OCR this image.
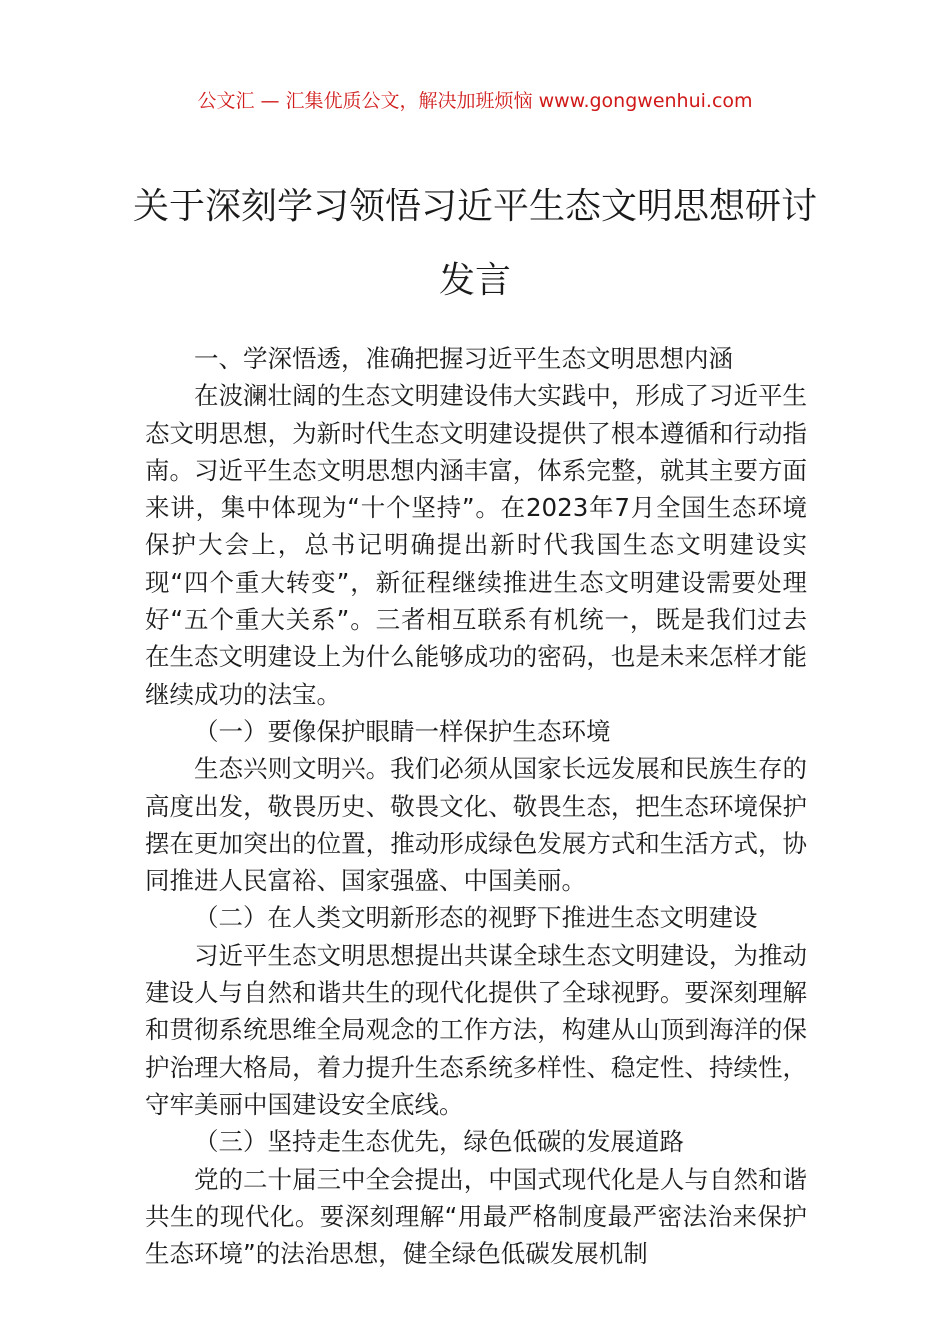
公文汇 — 汇集优质公文，解决加班烦恼 www.gongwenhui.com
关于深刻学习领悟习近平生态文明思想研讨发言

一、学深悟透，准确把握习近平生态文明思想内涵

在波澜壮阔的生态文明建设伟大实践中，形成了习近平生态文明思想，为新时代生态文明建设提供了根本遵循和行动指南。习近平生态文明思想内涵丰富，体系完整，就其主要方面来讲，集中体现为“十个坚持”。在2023年7月全国生态环境保护大会上，总书记明确提出新时代我国生态文明建设实现“四个重大转变”，新征程继续推进生态文明建设需要处理好“五个重大关系”。三者相互联系有机统一，既是我们过去在生态文明建设上为什么能够成功的密码，也是未来怎样才能继续成功的法宝。

（一）要像保护眼睛一样保护生态环境

生态兴则文明兴。我们必须从国家长远发展和民族生存的高度出发，敬畏历史、敬畏文化、敬畏生态，把生态环境保护摆在更加突出的位置，推动形成绿色发展方式和生活方式，协同推进人民富裕、国家强盛、中国美丽。

（二）在人类文明新形态的视野下推进生态文明建设

习近平生态文明思想提出共谋全球生态文明建设，为推动建设人与自然和谐共生的现代化提供了全球视野。要深刻理解和贯彻系统思维全局观念的工作方法，构建从山顶到海洋的保护治理大格局，着力提升生态系统多样性、稳定性、持续性，守牢美丽中国建设安全底线。

（三）坚持走生态优先，绿色低碳的发展道路

党的二十届三中全会提出，中国式现代化是人与自然和谐共生的现代化。要深刻理解“用最严格制度最严密法治来保护生态环境”的法治思想，健全绿色低碳发展机制
